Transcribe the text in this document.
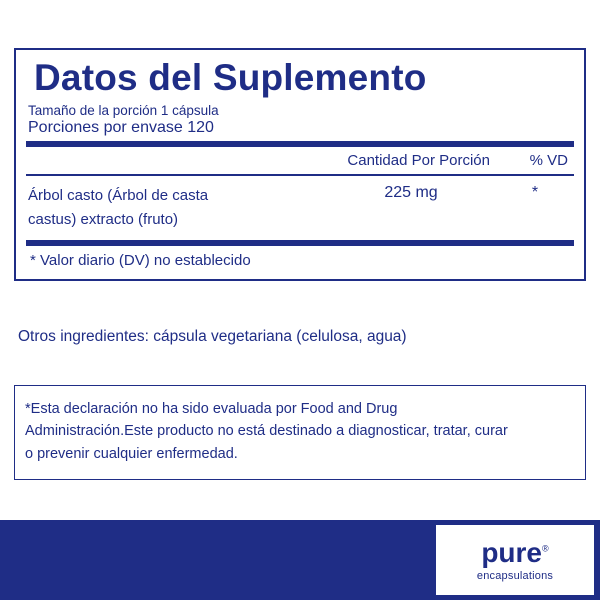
Datos del Suplemento
Tamaño de la porción 1 cápsula
Porciones por envase 120
Cantidad Por Porción	% VD
Árbol casto (Árbol de casta
castus) extracto (fruto)
225 mg	*
* Valor diario (DV) no establecido
Otros ingredientes: cápsula vegetariana (celulosa, agua)
*Esta declaración no ha sido evaluada por Food and Drug
Administración.Este producto no está destinado a diagnosticar, tratar, curar
o prevenir cualquier enfermedad.
pure®
encapsulations
